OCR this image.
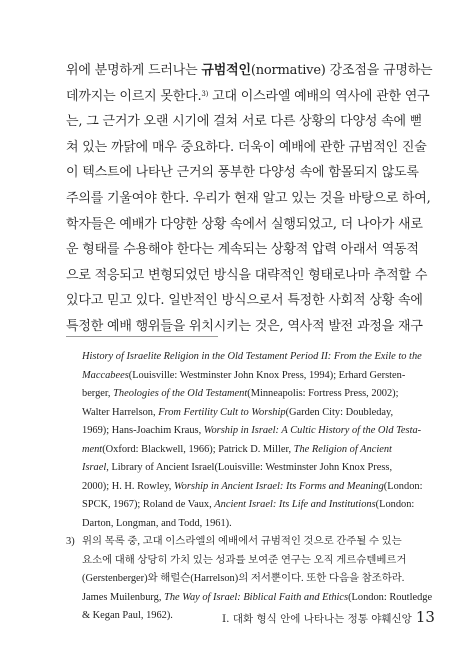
위에 분명하게 드러나는 규범적인(normative) 강조점을 규명하는
데까지는 이르지 못한다.$^{3)}$ 고대 이스라엘 예배의 역사에 관한 연구
는, 그 근거가 오랜 시기에 걸쳐 서로 다른 상황의 다양성 속에 뻗
쳐 있는 까닭에 매우 중요하다. 더욱이 예배에 관한 규범적인 진술
이 텍스트에 나타난 근거의 풍부한 다양성 속에 함몰되지 않도록
주의를 기울여야 한다. 우리가 현재 알고 있는 것을 바탕으로 하여,
학자들은 예배가 다양한 상황 속에서 실행되었고, 더 나아가 새로
운 형태를 수용해야 한다는 계속되는 상황적 압력 아래서 역동적
으로 적응되고 변형되었던 방식을 대략적인 형태로나마 추적할 수
있다고 믿고 있다. 일반적인 방식으로서 특정한 사회적 상황 속에
특정한 예배 행위들을 위치시키는 것은, 역사적 발전 과정을 재구
History of Israelite Religion in the Old Testament Period II: From the Exile to the
Maccabees(Louisville: Westminster John Knox Press, 1994); Erhard Gersten-
berger, Theologies of the Old Testament(Minneapolis: Fortress Press, 2002);
Walter Harrelson, From Fertility Cult to Worship(Garden City: Doubleday,
1969); Hans-Joachim Kraus, Worship in Israel: A Cultic History of the Old Testa-
ment(Oxford: Blackwell, 1966); Patrick D. Miller, The Religion of Ancient
Israel, Library of Ancient Israel(Louisville: Westminster John Knox Press,
2000); H. H. Rowley, Worship in Ancient Israel: Its Forms and Meaning(London:
SPCK, 1967); Roland de Vaux, Ancient Israel: Its Life and Institutions(London:
Darton, Longman, and Todd, 1961).
3) 위의 목록 중, 고대 이스라엘의 예배에서 규범적인 것으로 간주될 수 있는
요소에 대해 상당히 가치 있는 성과를 보여준 연구는 오직 게르슈텐베르거
(Gerstenberger)와 해럴슨(Harrelson)의 저서뿐이다. 또한 다음을 참조하라.
James Muilenburg, The Way of Israel: Biblical Faith and Ethics(London: Routledge
& Kegan Paul, 1962).	I. 대화 형식 안에 나타나는 정통 야훼신앙 13
